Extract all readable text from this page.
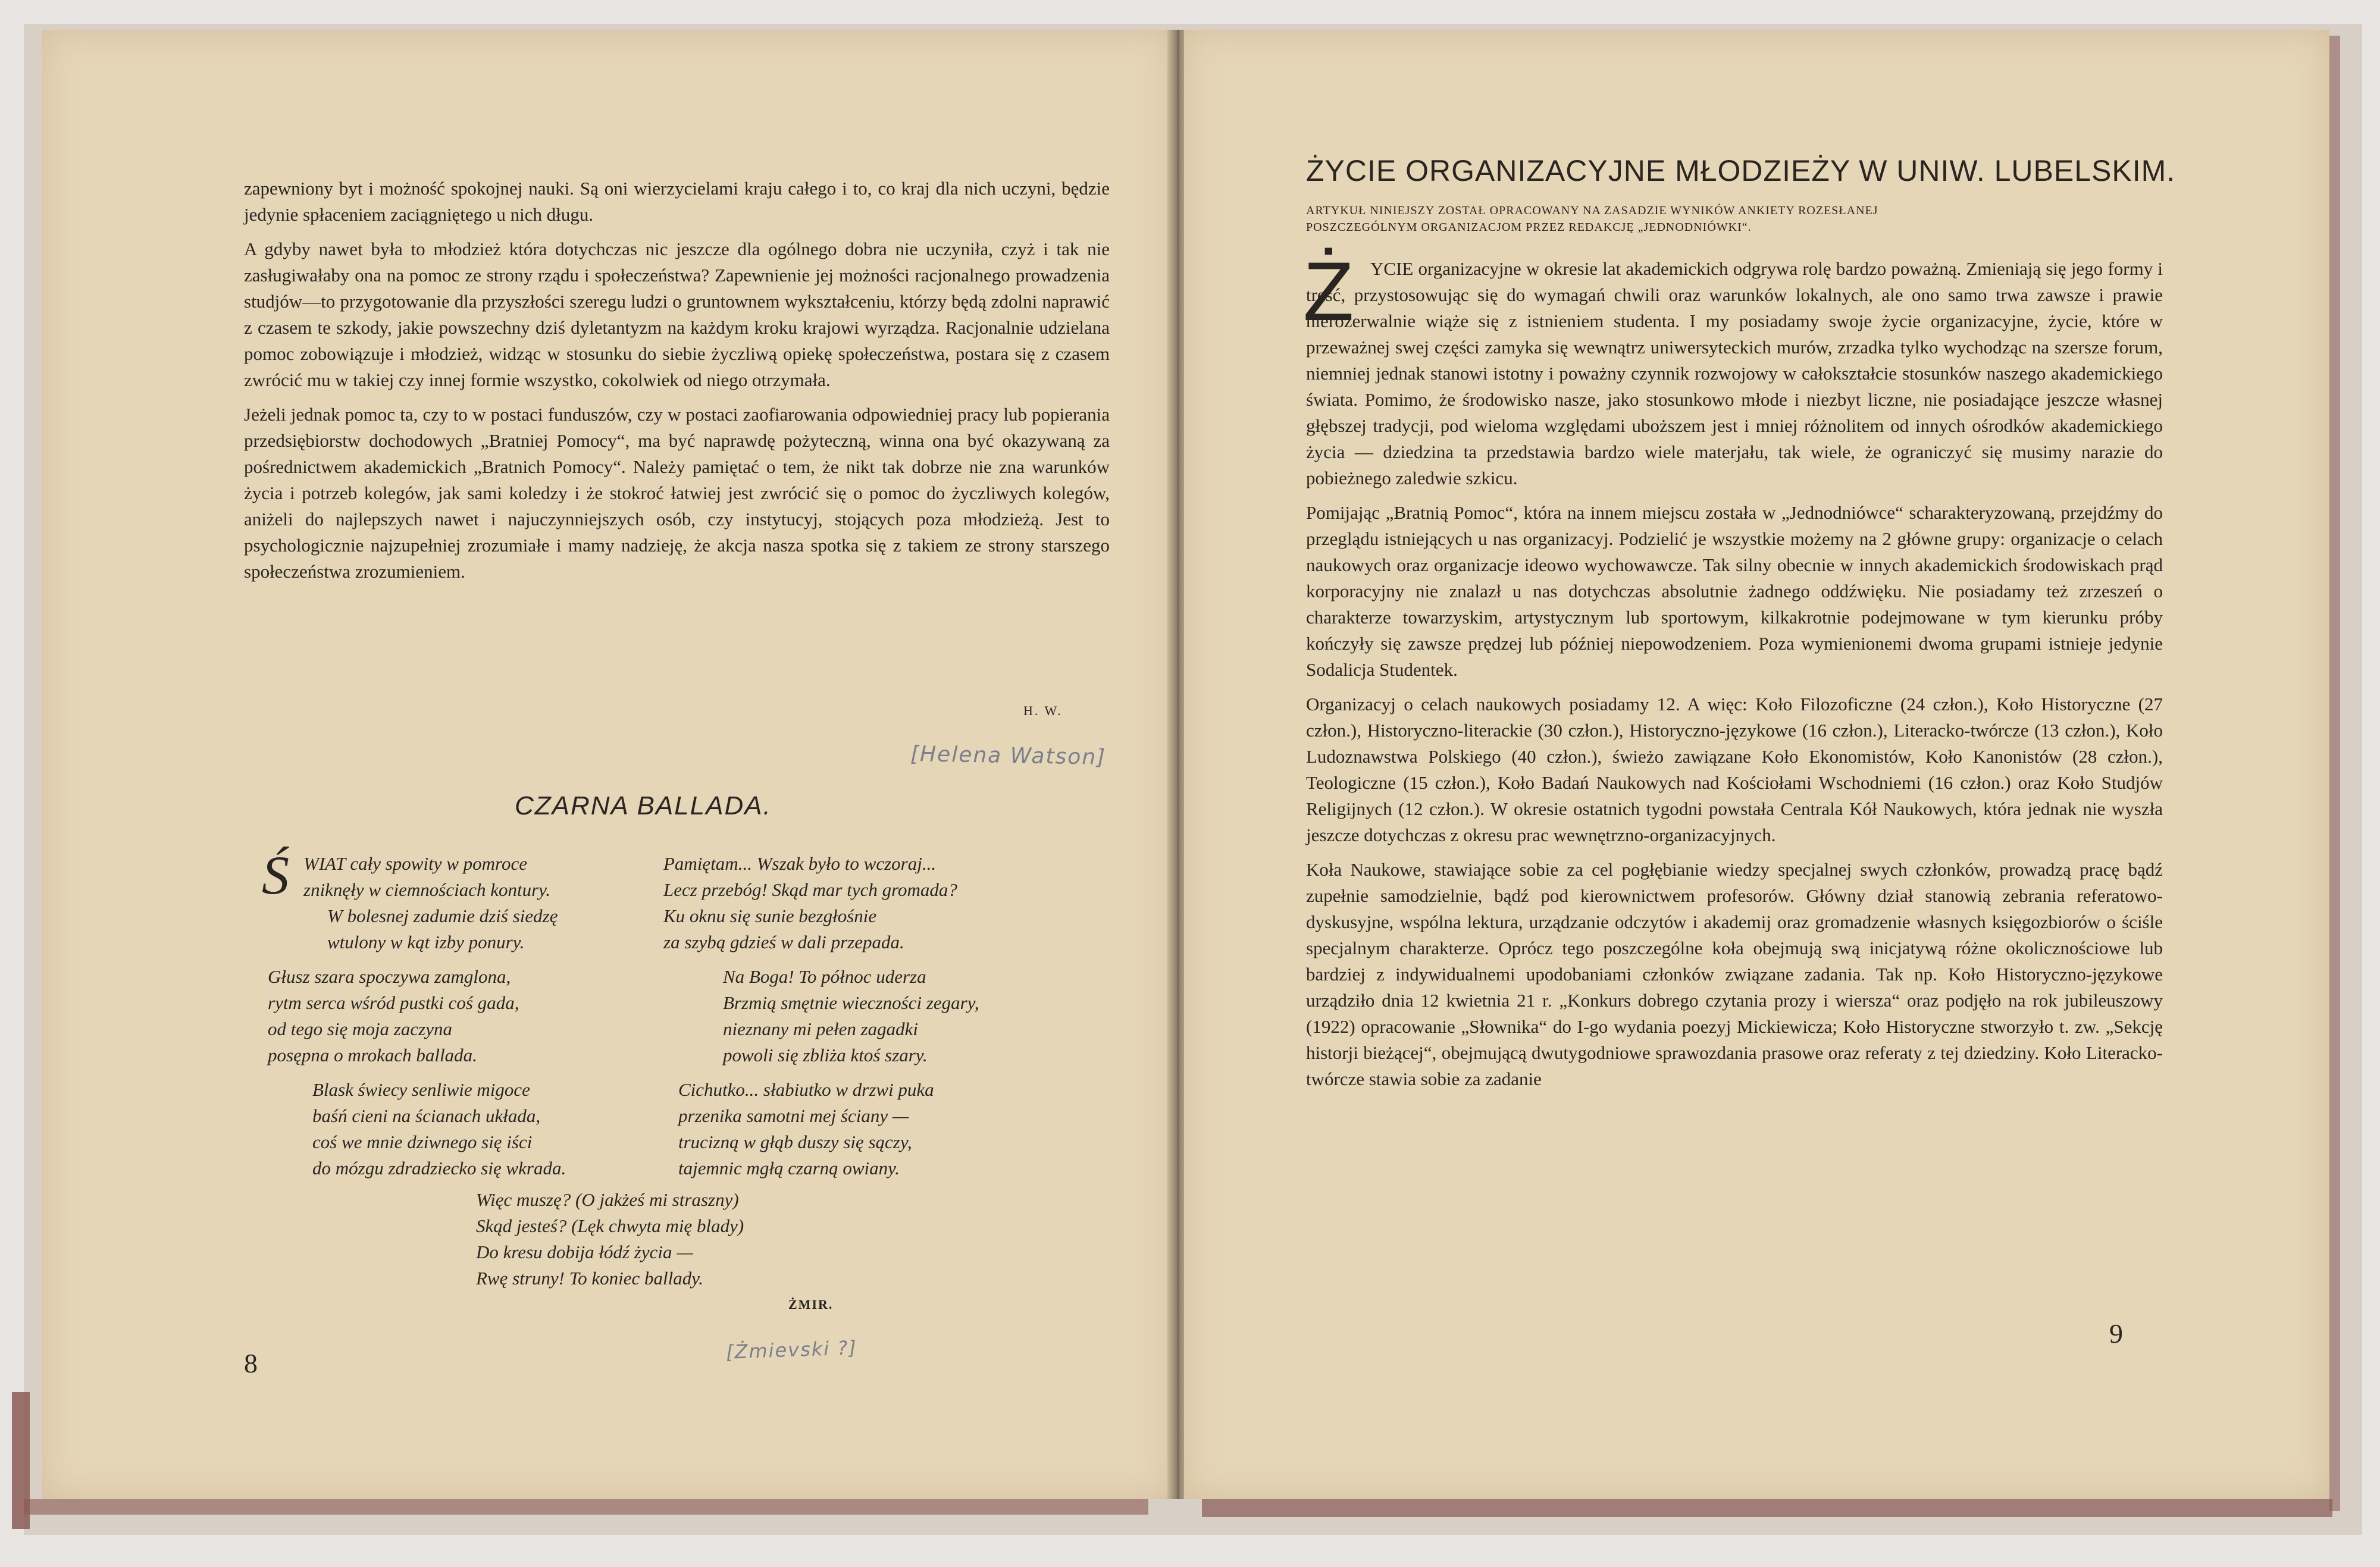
zapewniony byt i możność spokojnej nauki. Są oni wierzycielami kraju całego i to, co kraj dla nich uczyni, będzie jedynie spłaceniem zaciągniętego u nich długu.

A gdyby nawet była to młodzież która dotychczas nic jeszcze dla ogólnego dobra nie uczyniła, czyż i tak nie zasługiwałaby ona na pomoc ze strony rządu i społeczeństwa? Zapewnienie jej możności racjonalnego prowadzenia studjów—to przygotowanie dla przyszłości szeregu ludzi o gruntownem wykształceniu, którzy będą zdolni naprawić z czasem te szkody, jakie powszechny dziś dyletantyzm na każdym kroku krajowi wyrządza. Racjonalnie udzielana pomoc zobowiązuje i młodzież, widząc w stosunku do siebie życzliwą opiekę społeczeństwa, postara się z czasem zwrócić mu w takiej czy innej formie wszystko, cokolwiek od niego otrzymała.

Jeżeli jednak pomoc ta, czy to w postaci funduszów, czy w postaci zaofiarowania odpowiedniej pracy lub popierania przedsiębiorstw dochodowych „Bratniej Pomocy“, ma być naprawdę pożyteczną, winna ona być okazywaną za pośrednictwem akademickich „Bratnich Pomocy“. Należy pamiętać o tem, że nikt tak dobrze nie zna warunków życia i potrzeb kolegów, jak sami koledzy i że stokroć łatwiej jest zwrócić się o pomoc do życzliwych kolegów, aniżeli do najlepszych nawet i najuczynniejszych osób, czy instytucyj, stojących poza młodzieżą. Jest to psychologicznie najzupełniej zrozumiałe i mamy nadzieję, że akcja nasza spotka się z takiem ze strony starszego społeczeństwa zrozumieniem.

H. W.
[Helena Watson]
CZARNA BALLADA.
Ś WIAT cały spowity w pomroce
zniknęły w ciemnościach kontury.
W bolesnej zadumie dziś siedzę
wtulony w kąt izby ponury.
Pamiętam... Wszak było to wczoraj...
Lecz przebóg! Skąd mar tych gromada?
Ku oknu się sunie bezgłośnie
za szybą gdzieś w dali przepada.
Głusz szara spoczywa zamglona,
rytm serca wśród pustki coś gada,
od tego się moja zaczyna
posępna o mrokach ballada.
Na Boga! To północ uderza
Brzmią smętnie wieczności zegary,
nieznany mi pełen zagadki
powoli się zbliża ktoś szary.
Blask świecy senliwie migoce
baśń cieni na ścianach układa,
coś we mnie dziwnego się iści
do mózgu zdradziecko się wkrada.
Cichutko... słabiutko w drzwi puka
przenika samotni mej ściany —
trucizną w głąb duszy się sączy,
tajemnic mgłą czarną owiany.
Więc muszę? (O jakżeś mi straszny)
Skąd jesteś? (Lęk chwyta mię blady)
Do kresu dobija łódź życia —
Rwę struny! To koniec ballady.
ŻMIR.
[Żmievski ?]
8
ŻYCIE ORGANIZACYJNE MŁODZIEŻY W UNIW. LUBELSKIM.
ARTYKUŁ NINIEJSZY ZOSTAŁ OPRACOWANY NA ZASADZIE WYNIKÓW ANKIETY ROZESŁANEJ
POSZCZEGÓLNYM ORGANIZACJOM PRZEZ REDAKCJĘ „JEDNODNIÓWKI“.
Ż YCIE organizacyjne w okresie lat akademickich odgrywa rolę bardzo poważną. Zmieniają się jego formy i treść, przystosowując się do wymagań chwili oraz warunków lokalnych, ale ono samo trwa zawsze i prawie nierozerwalnie wiąże się z istnieniem studenta. I my posiadamy swoje życie organizacyjne, życie, które w przeważnej swej części zamyka się wewnątrz uniwersyteckich murów, zrzadka tylko wychodząc na szersze forum, niemniej jednak stanowi istotny i poważny czynnik rozwojowy w całokształcie stosunków naszego akademickiego świata. Pomimo, że środowisko nasze, jako stosunkowo młode i niezbyt liczne, nie posiadające jeszcze własnej głębszej tradycji, pod wieloma względami uboższem jest i mniej różnolitem od innych ośrodków akademickiego życia — dziedzina ta przedstawia bardzo wiele materjału, tak wiele, że ograniczyć się musimy narazie do pobieżnego zaledwie szkicu.

Pomijając „Bratnią Pomoc“, która na innem miejscu została w „Jednodniówce“ scharakteryzowaną, przejdźmy do przeglądu istniejących u nas organizacyj. Podzielić je wszystkie możemy na 2 główne grupy: organizacje o celach naukowych oraz organizacje ideowo wychowawcze. Tak silny obecnie w innych akademickich środowiskach prąd korporacyjny nie znalazł u nas dotychczas absolutnie żadnego oddźwięku. Nie posiadamy też zrzeszeń o charakterze towarzyskim, artystycznym lub sportowym, kilkakrotnie podejmowane w tym kierunku próby kończyły się zawsze prędzej lub później niepowodzeniem. Poza wymienionemi dwoma grupami istnieje jedynie Sodalicja Studentek.

Organizacyj o celach naukowych posiadamy 12. A więc: Koło Filozoficzne (24 człon.), Koło Historyczne (27 człon.), Historyczno-literackie (30 człon.), Historyczno-językowe (16 człon.), Literacko-twórcze (13 człon.), Koło Ludoznawstwa Polskiego (40 człon.), świeżo zawiązane Koło Ekonomistów, Koło Kanonistów (28 człon.), Teologiczne (15 człon.), Koło Badań Naukowych nad Kościołami Wschodniemi (16 człon.) oraz Koło Studjów Religijnych (12 człon.). W okresie ostatnich tygodni powstała Centrala Kół Naukowych, która jednak nie wyszła jeszcze dotychczas z okresu prac wewnętrzno-organizacyjnych.

Koła Naukowe, stawiające sobie za cel pogłębianie wiedzy specjalnej swych członków, prowadzą pracę bądź zupełnie samodzielnie, bądź pod kierownictwem profesorów. Główny dział stanowią zebrania referatowo-dyskusyjne, wspólna lektura, urządzanie odczytów i akademij oraz gromadzenie własnych księgozbiorów o ściśle specjalnym charakterze. Oprócz tego poszczególne koła obejmują swą inicjatywą różne okolicznościowe lub bardziej z indywidualnemi upodobaniami członków związane zadania. Tak np. Koło Historyczno-językowe urządziło dnia 12 kwietnia 21 r. „Konkurs dobrego czytania prozy i wiersza“ oraz podjęło na rok jubileuszowy (1922) opracowanie „Słownika“ do I-go wydania poezyj Mickiewicza; Koło Historyczne stworzyło t. zw. „Sekcję historji bieżącej“, obejmującą dwutygodniowe sprawozdania prasowe oraz referaty z tej dziedziny. Koło Literacko-twórcze stawia sobie za zadanie

9
